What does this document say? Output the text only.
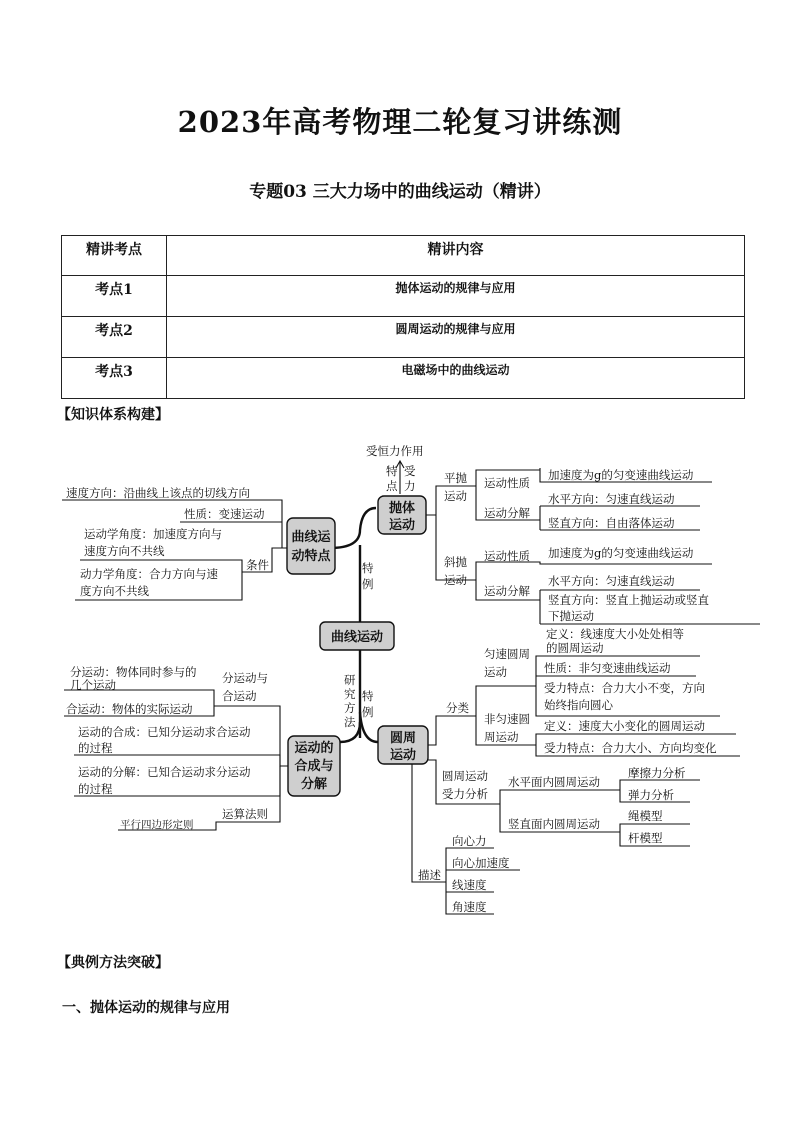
2023年高考物理二轮复习讲练测
专题03 三大力场中的曲线运动（精讲）
精讲考点	精讲内容
考点1	抛体运动的规律与应用
考点2	圆周运动的规律与应用
考点3	电磁场中的曲线运动
【知识体系构建】
曲线运动
曲线运
动特点
特
例
速度方向：沿曲线上该点的切线方向
性质：变速运动
运动学角度：加速度方向与
速度方向不共线
条件
动力学角度：合力方向与速
度方向不共线
抛体
运动
受恒力作用
特
点
受
力
平抛
运动
斜抛
运动
运动性质
加速度为g的匀变速曲线运动
运动分解
水平方向：匀速直线运动
竖直方向：自由落体运动
运动性质 加速度为g的匀变速曲线运动
运动分解
水平方向：匀速直线运动
竖直方向：竖直上抛运动或竖直
下抛运动
运动的
合成与
分解
研
究
方
法
特
例
分运动：物体同时参与的
几个运动	分运动与
合运动
合运动：物体的实际运动
运动的合成：已知分运动求合运动
的过程
运动的分解：已知合运动求分运动
的过程
运算法则
平行四边形定则
圆周
运动
分类
匀速圆周
运动
非匀速圆
周运动
定义：线速度大小处处相等
的圆周运动
性质：非匀变速曲线运动
受力特点：合力大小不变，方向
始终指向圆心
定义：速度大小变化的圆周运动
受力特点：合力大小、方向均变化
圆周运动
受力分析
水平面内圆周运动
摩擦力分析
弹力分析
竖直面内圆周运动
绳模型
杆模型
描述
向心力
向心加速度
线速度
角速度
【典例方法突破】
一、抛体运动的规律与应用
